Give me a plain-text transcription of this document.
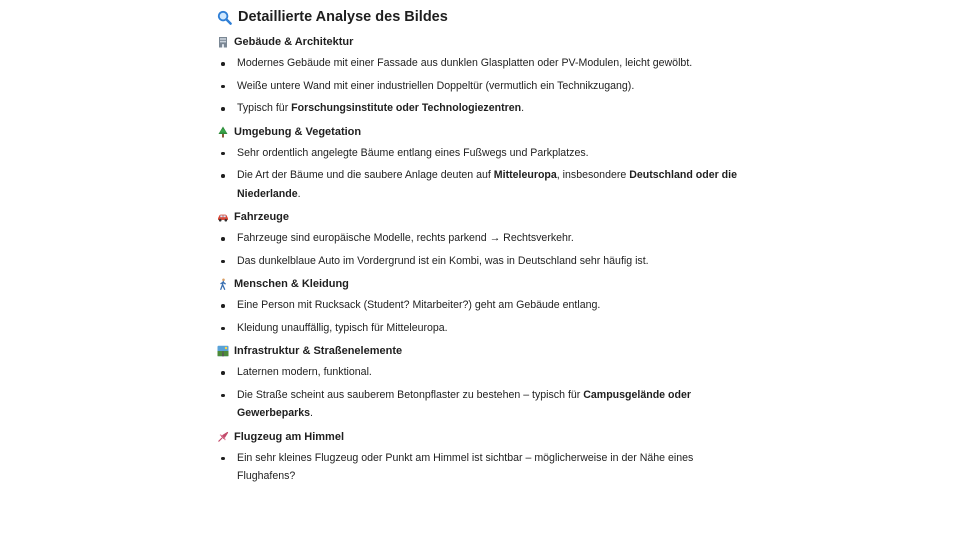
Detaillierte Analyse des Bildes
Gebäude & Architektur
Modernes Gebäude mit einer Fassade aus dunklen Glasplatten oder PV-Modulen, leicht gewölbt.
Weiße untere Wand mit einer industriellen Doppeltür (vermutlich ein Technikzugang).
Typisch für Forschungsinstitute oder Technologiezentren.
Umgebung & Vegetation
Sehr ordentlich angelegte Bäume entlang eines Fußwegs und Parkplatzes.
Die Art der Bäume und die saubere Anlage deuten auf Mitteleuropa, insbesondere Deutschland oder die Niederlande.
Fahrzeuge
Fahrzeuge sind europäische Modelle, rechts parkend → Rechtsverkehr.
Das dunkelblaue Auto im Vordergrund ist ein Kombi, was in Deutschland sehr häufig ist.
Menschen & Kleidung
Eine Person mit Rucksack (Student? Mitarbeiter?) geht am Gebäude entlang.
Kleidung unauffällig, typisch für Mitteleuropa.
Infrastruktur & Straßenelemente
Laternen modern, funktional.
Die Straße scheint aus sauberem Betonpflaster zu bestehen – typisch für Campusgelände oder Gewerbeparks.
Flugzeug am Himmel
Ein sehr kleines Flugzeug oder Punkt am Himmel ist sichtbar – möglicherweise in der Nähe eines Flughafens?
